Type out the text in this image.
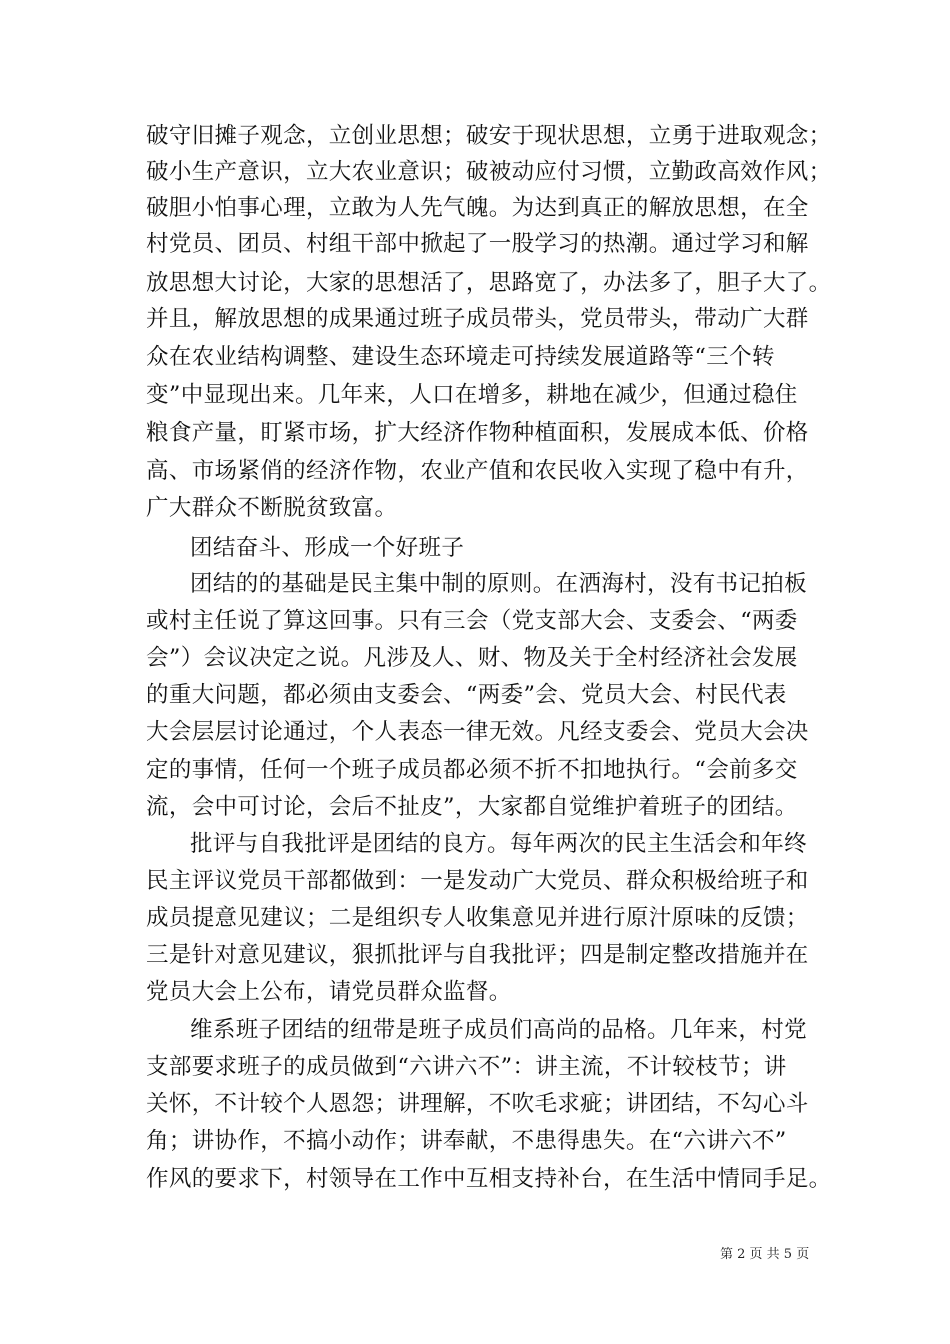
破守旧摊子观念，立创业思想；破安于现状思想，立勇于进取观念；
破小生产意识，立大农业意识；破被动应付习惯，立勤政高效作风；
破胆小怕事心理，立敢为人先气魄。为达到真正的解放思想，在全
村党员、团员、村组干部中掀起了一股学习的热潮。通过学习和解
放思想大讨论，大家的思想活了，思路宽了，办法多了，胆子大了。
并且，解放思想的成果通过班子成员带头，党员带头，带动广大群
众在农业结构调整、建设生态环境走可持续发展道路等“三个转
变”中显现出来。几年来，人口在增多，耕地在减少，但通过稳住
粮食产量，盯紧市场，扩大经济作物种植面积，发展成本低、价格
高、市场紧俏的经济作物，农业产值和农民收入实现了稳中有升，
广大群众不断脱贫致富。
团结奋斗、形成一个好班子
团结的的基础是民主集中制的原则。在洒海村，没有书记拍板
或村主任说了算这回事。只有三会（党支部大会、支委会、“两委
会”）会议决定之说。凡涉及人、财、物及关于全村经济社会发展
的重大问题，都必须由支委会、“两委”会、党员大会、村民代表
大会层层讨论通过，个人表态一律无效。凡经支委会、党员大会决
定的事情，任何一个班子成员都必须不折不扣地执行。“会前多交
流，会中可讨论，会后不扯皮”，大家都自觉维护着班子的团结。
批评与自我批评是团结的良方。每年两次的民主生活会和年终
民主评议党员干部都做到：一是发动广大党员、群众积极给班子和
成员提意见建议；二是组织专人收集意见并进行原汁原味的反馈；
三是针对意见建议，狠抓批评与自我批评；四是制定整改措施并在
党员大会上公布，请党员群众监督。
维系班子团结的纽带是班子成员们高尚的品格。几年来，村党
支部要求班子的成员做到“六讲六不”：讲主流，不计较枝节；讲
关怀，不计较个人恩怨；讲理解，不吹毛求疵；讲团结，不勾心斗
角；讲协作，不搞小动作；讲奉献，不患得患失。在“六讲六不”
作风的要求下，村领导在工作中互相支持补台，在生活中情同手足。
第 2 页 共 5 页
